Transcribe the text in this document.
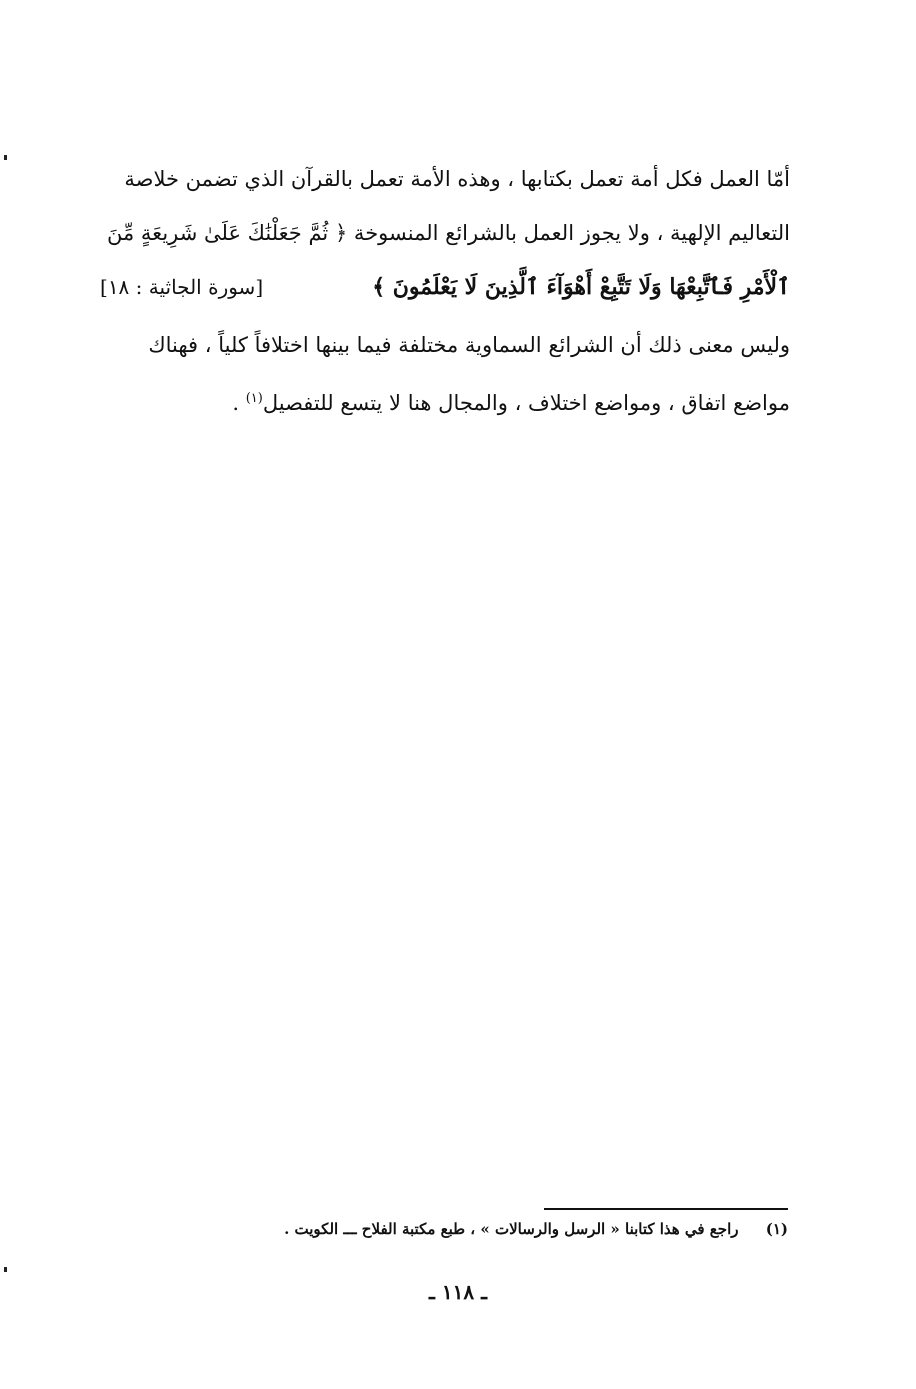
أمّا العمل فكل أمة تعمل بكتابها ، وهذه الأمة تعمل بالقرآن الذي تضمن خلاصة
التعاليم الإلهية ، ولا يجوز العمل بالشرائع المنسوخة ﴿ ثُمَّ جَعَلْنَٰكَ عَلَىٰ شَرِيعَةٍ مِّنَ
ٱلْأَمْرِ فَٱتَّبِعْهَا وَلَا تَتَّبِعْ أَهْوَآءَ ٱلَّذِينَ لَا يَعْلَمُونَ ﴾
[سورة الجاثية : ١٨]
وليس معنى ذلك أن الشرائع السماوية مختلفة فيما بينها اختلافاً كلياً ، فهناك
مواضع اتفاق ، ومواضع اختلاف ، والمجال هنا لا يتسع للتفصيل$^{(١)}$ .
(١) راجع في هذا كتابنا « الرسل والرسالات » ، طبع مكتبة الفلاح ـــ الكويت .
ـ ١١٨ ـ
